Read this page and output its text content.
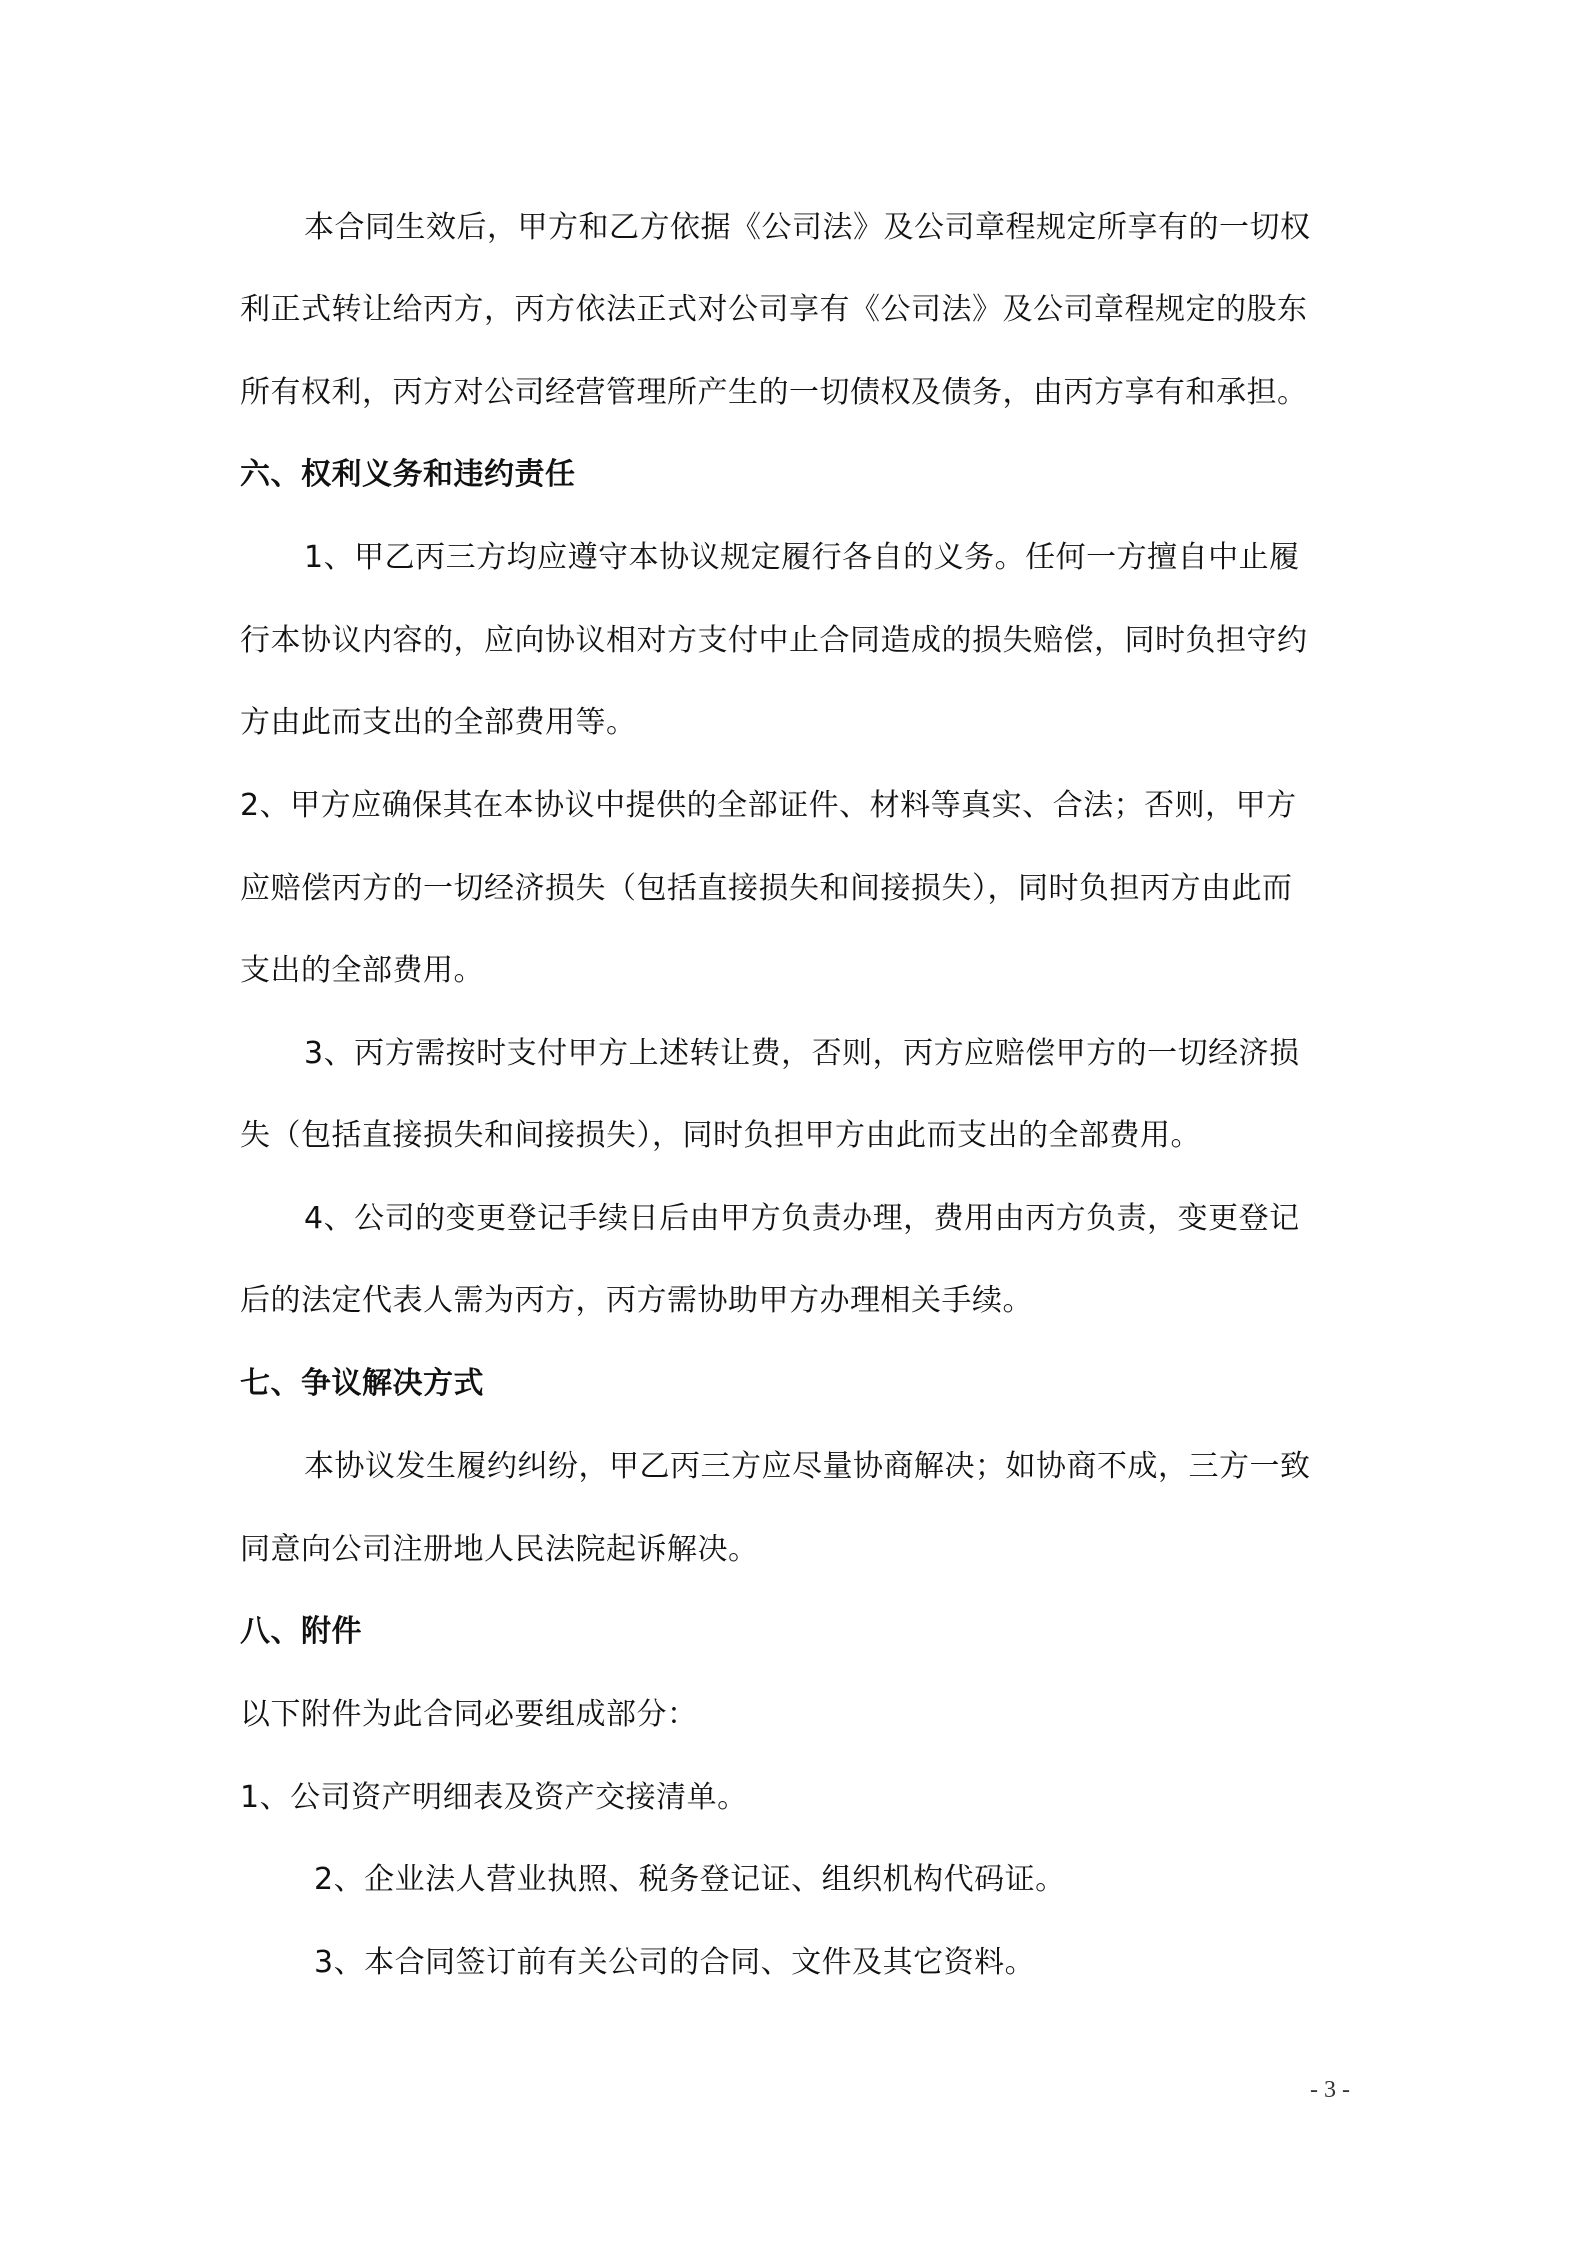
本合同生效后，甲方和乙方依据《公司法》及公司章程规定所享有的一切权
利正式转让给丙方，丙方依法正式对公司享有《公司法》及公司章程规定的股东
所有权利，丙方对公司经营管理所产生的一切债权及债务，由丙方享有和承担。
六、权利义务和违约责任
1、甲乙丙三方均应遵守本协议规定履行各自的义务。任何一方擅自中止履
行本协议内容的，应向协议相对方支付中止合同造成的损失赔偿，同时负担守约
方由此而支出的全部费用等。
2、甲方应确保其在本协议中提供的全部证件、材料等真实、合法；否则，甲方
应赔偿丙方的一切经济损失（包括直接损失和间接损失），同时负担丙方由此而
支出的全部费用。
3、丙方需按时支付甲方上述转让费，否则，丙方应赔偿甲方的一切经济损
失（包括直接损失和间接损失），同时负担甲方由此而支出的全部费用。
4、公司的变更登记手续日后由甲方负责办理，费用由丙方负责，变更登记
后的法定代表人需为丙方，丙方需协助甲方办理相关手续。
七、争议解决方式
本协议发生履约纠纷，甲乙丙三方应尽量协商解决；如协商不成，三方一致
同意向公司注册地人民法院起诉解决。
八、附件
以下附件为此合同必要组成部分：
1、公司资产明细表及资产交接清单。
2、企业法人营业执照、税务登记证、组织机构代码证。
3、本合同签订前有关公司的合同、文件及其它资料。
- 3 -
